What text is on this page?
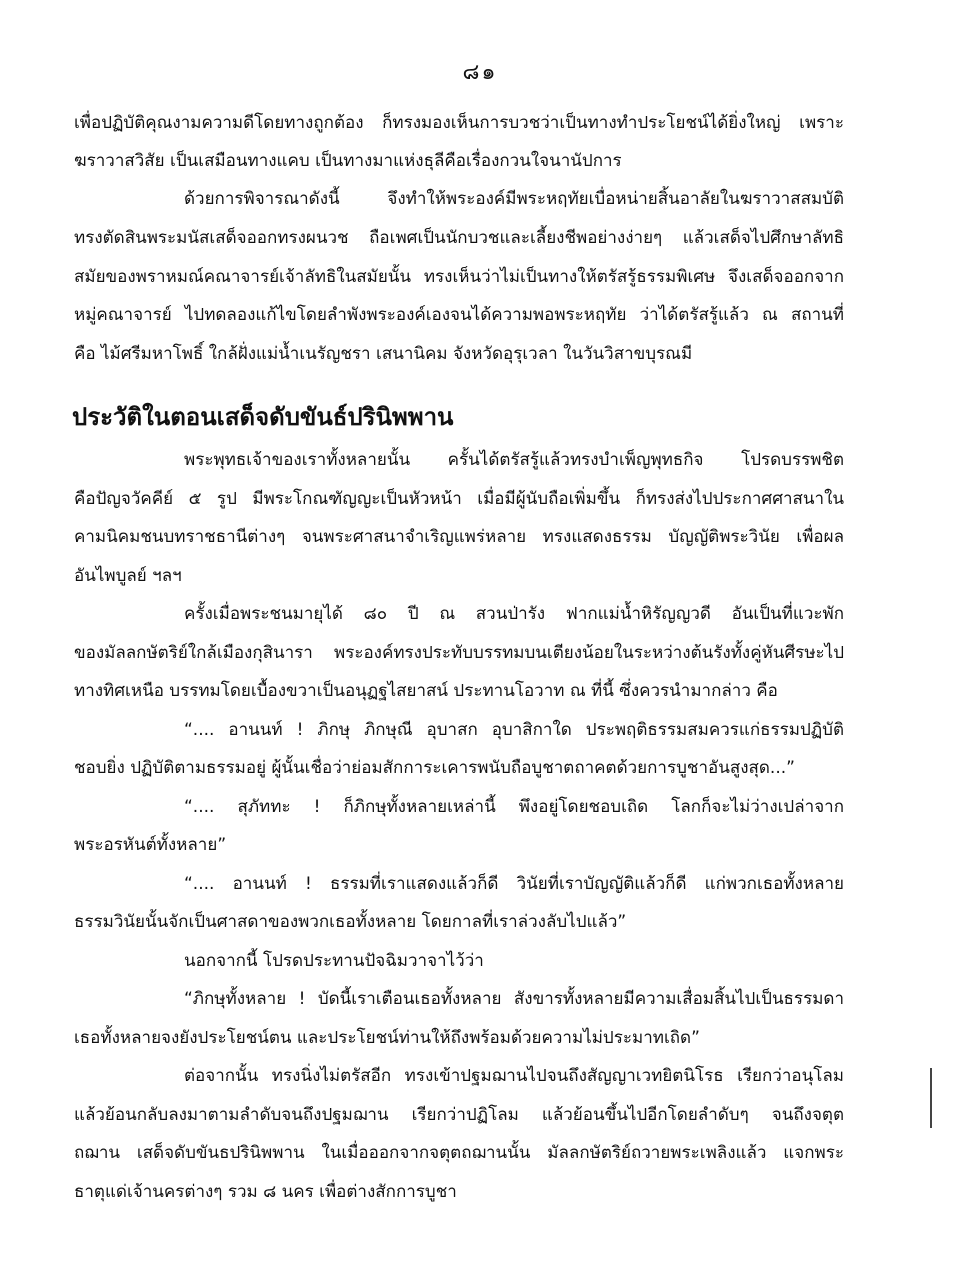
๘๑
เพื่อปฏิบัติคุณงามความดีโดยทางถูกต้อง ก็ทรงมองเห็นการบวชว่าเป็นทางทำประโยชน์ได้ยิ่งใหญ่ เพราะ
ฆราวาสวิสัย เป็นเสมือนทางแคบ เป็นทางมาแห่งธุลีคือเรื่องกวนใจนานัปการ
ด้วยการพิจารณาดังนี้ จึงทำให้พระองค์มีพระหฤทัยเบื่อหน่ายสิ้นอาลัยในฆราวาสสมบัติ
ทรงตัดสินพระมนัสเสด็จออกทรงผนวช ถือเพศเป็นนักบวชและเลี้ยงชีพอย่างง่ายๆ แล้วเสด็จไปศึกษาลัทธิ
สมัยของพราหมณ์คณาจารย์เจ้าลัทธิในสมัยนั้น ทรงเห็นว่าไม่เป็นทางให้ตรัสรู้ธรรมพิเศษ จึงเสด็จออกจาก
หมู่คณาจารย์ ไปทดลองแก้ไขโดยลำพังพระองค์เองจนได้ความพอพระหฤทัย ว่าได้ตรัสรู้แล้ว ณ สถานที่
คือ ไม้ศรีมหาโพธิ์ ใกล้ฝั่งแม่น้ำเนรัญชรา เสนานิคม จังหวัดอุรุเวลา ในวันวิสาขบุรณมี
ประวัติในตอนเสด็จดับขันธ์ปรินิพพาน
พระพุทธเจ้าของเราทั้งหลายนั้น ครั้นได้ตรัสรู้แล้วทรงบำเพ็ญพุทธกิจ โปรดบรรพชิต
คือปัญจวัคคีย์ ๕ รูป มีพระโกณฑัญญะเป็นหัวหน้า เมื่อมีผู้นับถือเพิ่มขึ้น ก็ทรงส่งไปประกาศศาสนาใน
คามนิคมชนบทราชธานีต่างๆ จนพระศาสนาจำเริญแพร่หลาย ทรงแสดงธรรม บัญญัติพระวินัย เพื่อผล
อันไพบูลย์ ฯลฯ
ครั้งเมื่อพระชนมายุได้ ๘๐ ปี ณ สวนป่ารัง ฟากแม่น้ำหิรัญญวดี อันเป็นที่แวะพัก
ของมัลลกษัตริย์ใกล้เมืองกุสินารา พระองค์ทรงประทับบรรทมบนเตียงน้อยในระหว่างต้นรังทั้งคู่หันศีรษะไป
ทางทิศเหนือ บรรทมโดยเบื้องขวาเป็นอนุฏฐไสยาสน์ ประทานโอวาท ณ ที่นี้ ซึ่งควรนำมากล่าว คือ
“.... อานนท์ ! ภิกษุ ภิกษุณี อุบาสก อุบาสิกาใด ประพฤติธรรมสมควรแก่ธรรมปฏิบัติ
ชอบยิ่ง ปฏิบัติตามธรรมอยู่ ผู้นั้นเชื่อว่าย่อมสักการะเคารพนับถือบูชาตถาคตด้วยการบูชาอันสูงสุด...”
“.... สุภัททะ ! ก็ภิกษุทั้งหลายเหล่านี้ พึงอยู่โดยชอบเถิด โลกก็จะไม่ว่างเปล่าจาก
พระอรหันต์ทั้งหลาย”
“.... อานนท์ ! ธรรมที่เราแสดงแล้วก็ดี วินัยที่เราบัญญัติแล้วก็ดี แก่พวกเธอทั้งหลาย
ธรรมวินัยนั้นจักเป็นศาสดาของพวกเธอทั้งหลาย โดยกาลที่เราล่วงลับไปแล้ว”
นอกจากนี้ โปรดประทานปัจฉิมวาจาไว้ว่า
“ภิกษุทั้งหลาย ! บัดนี้เราเตือนเธอทั้งหลาย สังขารทั้งหลายมีความเสื่อมสิ้นไปเป็นธรรมดา
เธอทั้งหลายจงยังประโยชน์ตน และประโยชน์ท่านให้ถึงพร้อมด้วยความไม่ประมาทเถิด”
ต่อจากนั้น ทรงนิ่งไม่ตรัสอีก ทรงเข้าปฐมฌานไปจนถึงสัญญาเวทยิตนิโรธ เรียกว่าอนุโลม
แล้วย้อนกลับลงมาตามลำดับจนถึงปฐมฌาน เรียกว่าปฏิโลม แล้วย้อนขึ้นไปอีกโดยลำดับๆ จนถึงจตุต
ถฌาน เสด็จดับขันธปรินิพพาน ในเมื่อออกจากจตุตถฌานนั้น มัลลกษัตริย์ถวายพระเพลิงแล้ว แจกพระ
ธาตุแด่เจ้านครต่างๆ รวม ๘ นคร เพื่อต่างสักการบูชา
